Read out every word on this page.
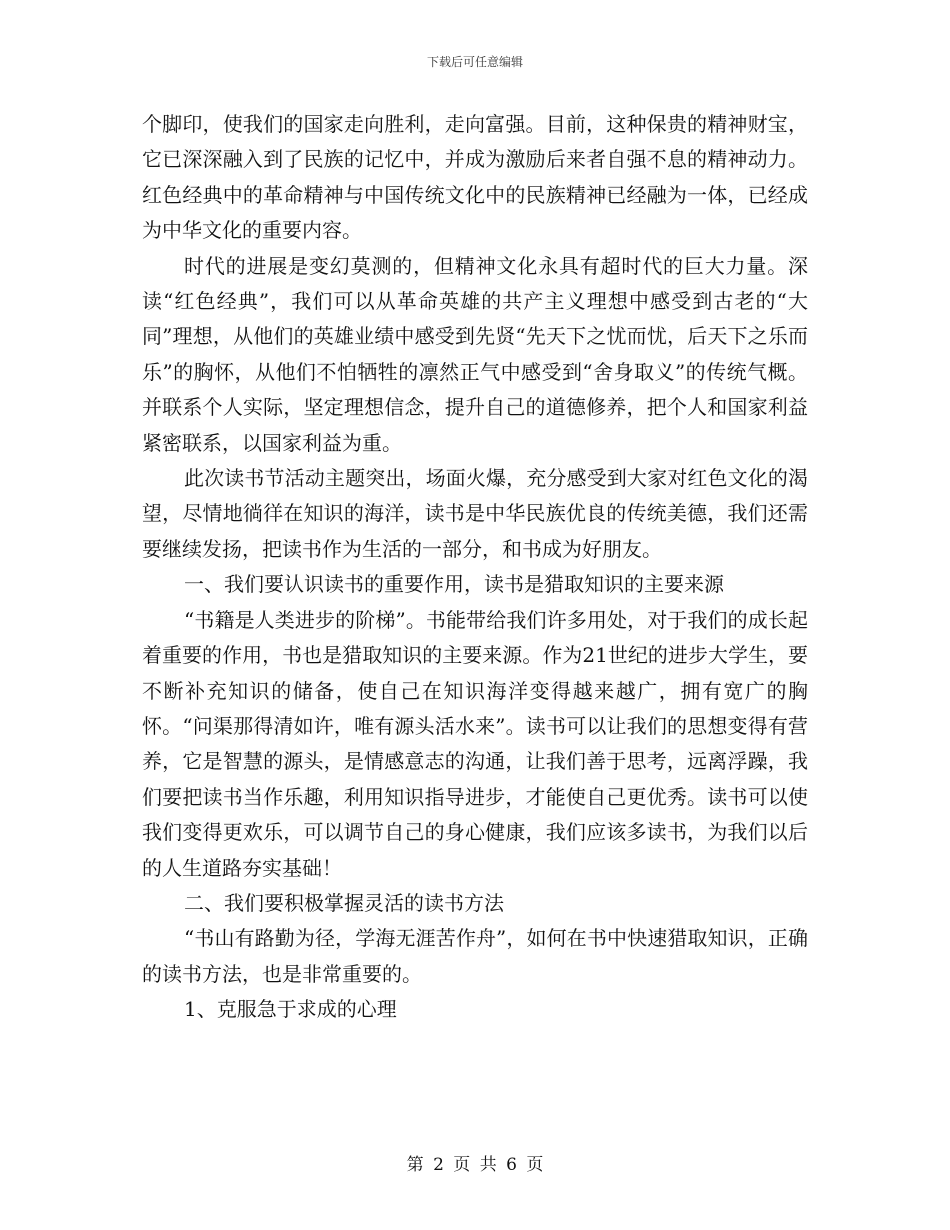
下载后可任意编辑

个脚印，使我们的国家走向胜利，走向富强。目前，这种保贵的精神财宝，它已深深融入到了民族的记忆中，并成为激励后来者自强不息的精神动力。红色经典中的革命精神与中国传统文化中的民族精神已经融为一体，已经成为中华文化的重要内容。

时代的进展是变幻莫测的，但精神文化永具有超时代的巨大力量。深读“红色经典”，我们可以从革命英雄的共产主义理想中感受到古老的“大同”理想，从他们的英雄业绩中感受到先贤“先天下之忧而忧，后天下之乐而乐”的胸怀，从他们不怕牺牲的凛然正气中感受到“舍身取义”的传统气概。并联系个人实际，坚定理想信念，提升自己的道德修养，把个人和国家利益紧密联系，以国家利益为重。

此次读书节活动主题突出，场面火爆，充分感受到大家对红色文化的渴望，尽情地徜徉在知识的海洋，读书是中华民族优良的传统美德，我们还需要继续发扬，把读书作为生活的一部分，和书成为好朋友。

一、我们要认识读书的重要作用，读书是猎取知识的主要来源

“书籍是人类进步的阶梯”。书能带给我们许多用处，对于我们的成长起着重要的作用，书也是猎取知识的主要来源。作为21世纪的进步大学生，要不断补充知识的储备，使自己在知识海洋变得越来越广，拥有宽广的胸怀。“问渠那得清如许，唯有源头活水来”。读书可以让我们的思想变得有营养，它是智慧的源头，是情感意志的沟通，让我们善于思考，远离浮躁，我们要把读书当作乐趣，利用知识指导进步，才能使自己更优秀。读书可以使我们变得更欢乐，可以调节自己的身心健康，我们应该多读书，为我们以后的人生道路夯实基础！

二、我们要积极掌握灵活的读书方法

“书山有路勤为径，学海无涯苦作舟”，如何在书中快速猎取知识，正确的读书方法，也是非常重要的。

1、克服急于求成的心理

第 2 页 共 6 页
